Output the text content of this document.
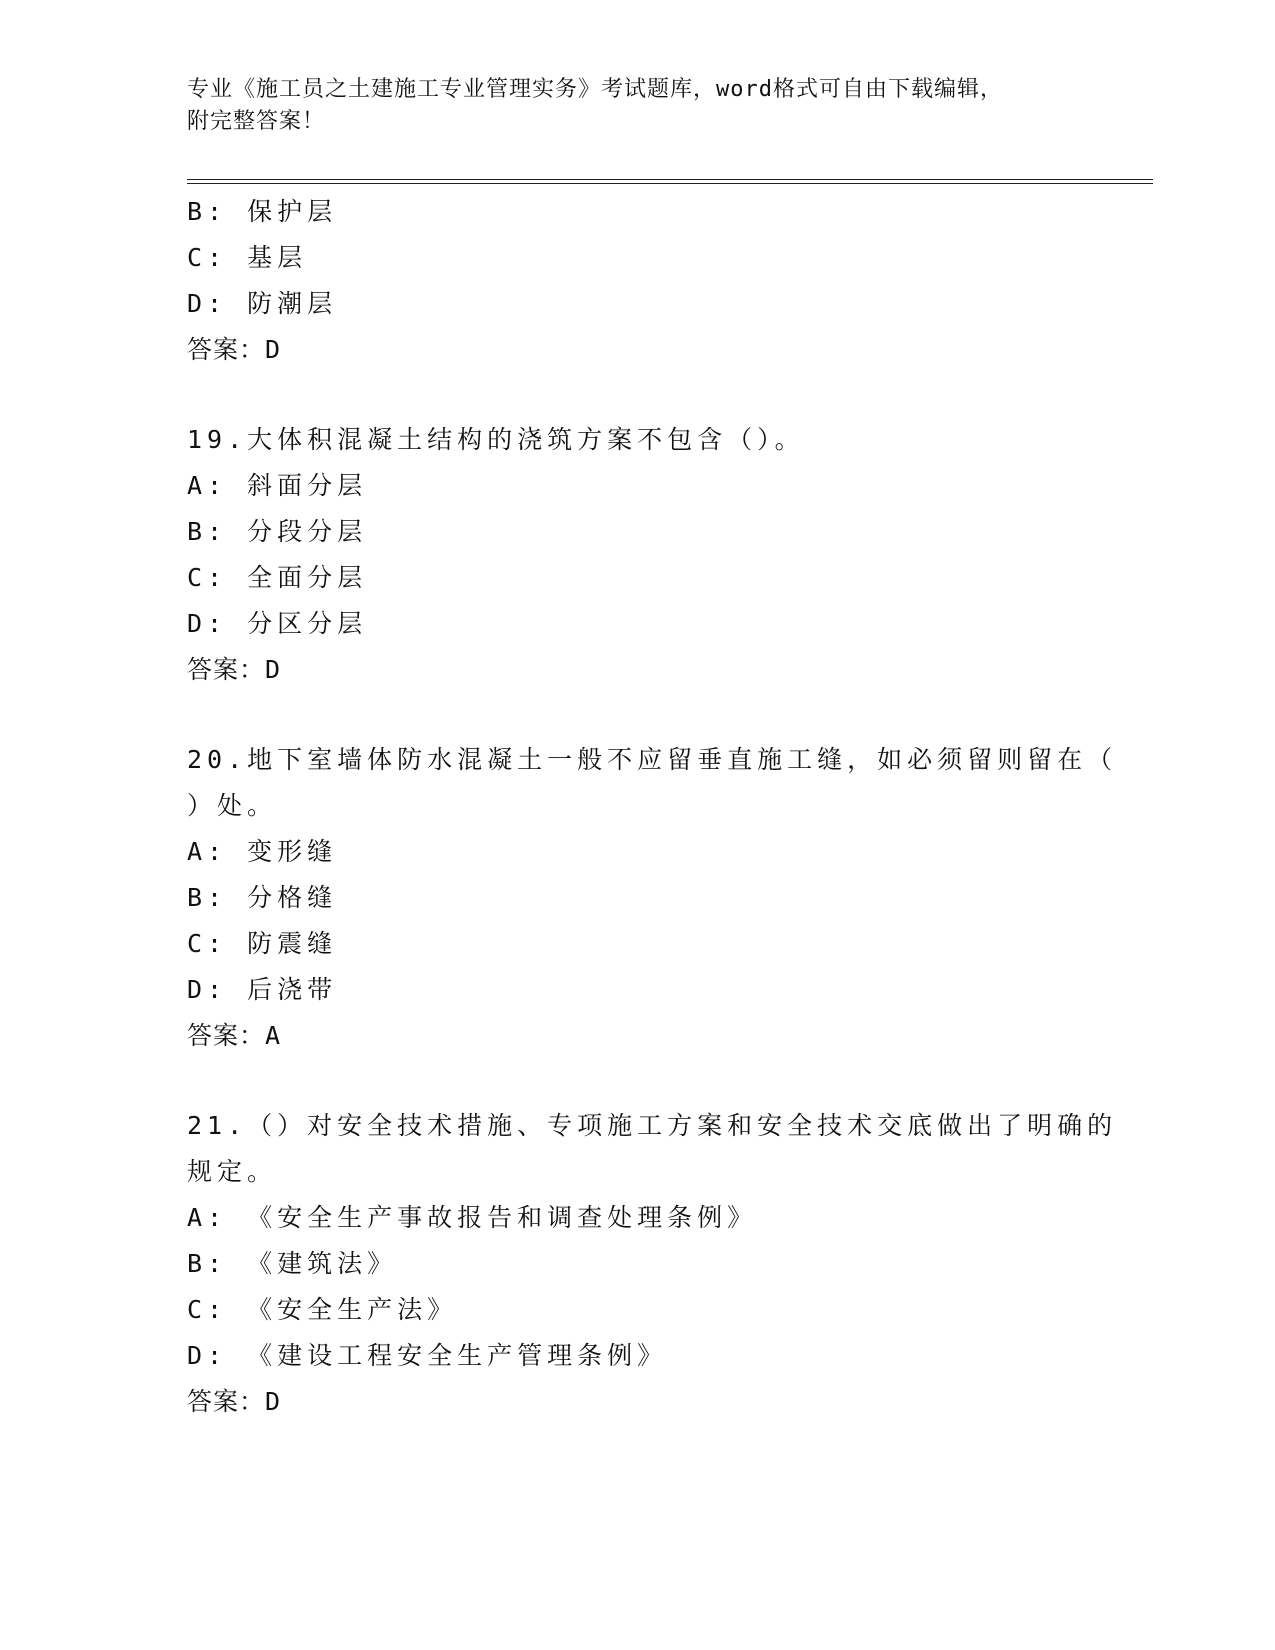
专业《施工员之土建施工专业管理实务》考试题库，word格式可自由下载编辑，
附完整答案！
B: 保护层
C: 基层
D: 防潮层
答案：D
19.大体积混凝土结构的浇筑方案不包含（）。
A: 斜面分层
B: 分段分层
C: 全面分层
D: 分区分层
答案：D
20.地下室墙体防水混凝土一般不应留垂直施工缝，如必须留则留在（
）处。
A: 变形缝
B: 分格缝
C: 防震缝
D: 后浇带
答案：A
21.（）对安全技术措施、专项施工方案和安全技术交底做出了明确的
规定。
A: 《安全生产事故报告和调查处理条例》
B: 《建筑法》
C: 《安全生产法》
D: 《建设工程安全生产管理条例》
答案：D
